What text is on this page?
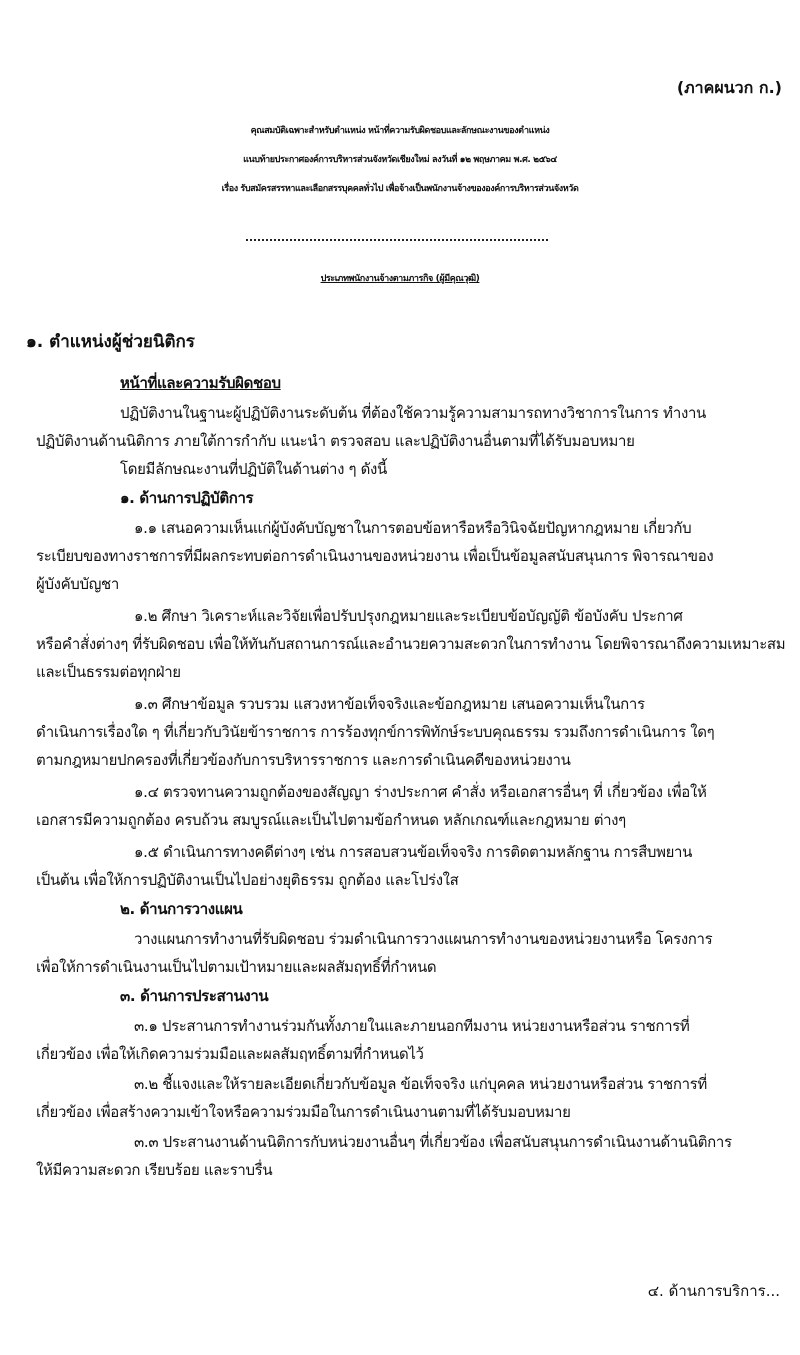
(ภาคผนวก ก.)
คุณสมบัติเฉพาะสำหรับตำแหน่ง หน้าที่ความรับผิดชอบและลักษณะงานของตำแหน่ง
แนบท้ายประกาศองค์การบริหารส่วนจังหวัดเชียงใหม่ ลงวันที่ ๑๒ พฤษภาคม พ.ศ. ๒๕๖๔
เรื่อง รับสมัครสรรหาและเลือกสรรบุคคลทั่วไป เพื่อจ้างเป็นพนักงานจ้างขององค์การบริหารส่วนจังหวัด
ประเภทพนักงานจ้างตามภารกิจ (ผู้มีคุณวุฒิ)
๑. ตำแหน่งผู้ช่วยนิติกร
หน้าที่และความรับผิดชอบ
ปฏิบัติงานในฐานะผู้ปฏิบัติงานระดับต้น ที่ต้องใช้ความรู้ความสามารถทางวิชาการในการ ทำงาน
ปฏิบัติงานด้านนิติการ ภายใต้การกำกับ แนะนำ ตรวจสอบ และปฏิบัติงานอื่นตามที่ได้รับมอบหมาย
โดยมีลักษณะงานที่ปฏิบัติในด้านต่าง ๆ ดังนี้
๑. ด้านการปฏิบัติการ
๑.๑ เสนอความเห็นแก่ผู้บังคับบัญชาในการตอบข้อหารือหรือวินิจฉัยปัญหากฎหมาย เกี่ยวกับ
ระเบียบของทางราชการที่มีผลกระทบต่อการดำเนินงานของหน่วยงาน เพื่อเป็นข้อมูลสนับสนุนการ พิจารณาของ
ผู้บังคับบัญชา
๑.๒ ศึกษา วิเคราะห์และวิจัยเพื่อปรับปรุงกฎหมายและระเบียบข้อบัญญัติ ข้อบังคับ ประกาศ
หรือคำสั่งต่างๆ ที่รับผิดชอบ เพื่อให้ทันกับสถานการณ์และอำนวยความสะดวกในการทำงาน โดยพิจารณาถึงความเหมาะสม
และเป็นธรรมต่อทุกฝ่าย
๑.๓ ศึกษาข้อมูล รวบรวม แสวงหาข้อเท็จจริงและข้อกฎหมาย เสนอความเห็นในการ
ดำเนินการเรื่องใด ๆ ที่เกี่ยวกับวินัยข้าราชการ การร้องทุกข์การพิทักษ์ระบบคุณธรรม รวมถึงการดำเนินการ ใดๆ
ตามกฎหมายปกครองที่เกี่ยวข้องกับการบริหารราชการ และการดำเนินคดีของหน่วยงาน
๑.๔ ตรวจทานความถูกต้องของสัญญา ร่างประกาศ คำสั่ง หรือเอกสารอื่นๆ ที่ เกี่ยวข้อง เพื่อให้
เอกสารมีความถูกต้อง ครบถ้วน สมบูรณ์และเป็นไปตามข้อกำหนด หลักเกณฑ์และกฎหมาย ต่างๆ
๑.๕ ดำเนินการทางคดีต่างๆ เช่น การสอบสวนข้อเท็จจริง การติดตามหลักฐาน การสืบพยาน
เป็นต้น เพื่อให้การปฏิบัติงานเป็นไปอย่างยุติธรรม ถูกต้อง และโปร่งใส
๒. ด้านการวางแผน
วางแผนการทำงานที่รับผิดชอบ ร่วมดำเนินการวางแผนการทำงานของหน่วยงานหรือ โครงการ
เพื่อให้การดำเนินงานเป็นไปตามเป้าหมายและผลสัมฤทธิ์ที่กำหนด
๓. ด้านการประสานงาน
๓.๑ ประสานการทำงานร่วมกันทั้งภายในและภายนอกทีมงาน หน่วยงานหรือส่วน ราชการที่
เกี่ยวข้อง เพื่อให้เกิดความร่วมมือและผลสัมฤทธิ์ตามที่กำหนดไว้
๓.๒ ชี้แจงและให้รายละเอียดเกี่ยวกับข้อมูล ข้อเท็จจริง แก่บุคคล หน่วยงานหรือส่วน ราชการที่
เกี่ยวข้อง เพื่อสร้างความเข้าใจหรือความร่วมมือในการดำเนินงานตามที่ได้รับมอบหมาย
๓.๓ ประสานงานด้านนิติการกับหน่วยงานอื่นๆ ที่เกี่ยวข้อง เพื่อสนับสนุนการดำเนินงานด้านนิติการ
ให้มีความสะดวก เรียบร้อย และราบรื่น
๔. ด้านการบริการ...
